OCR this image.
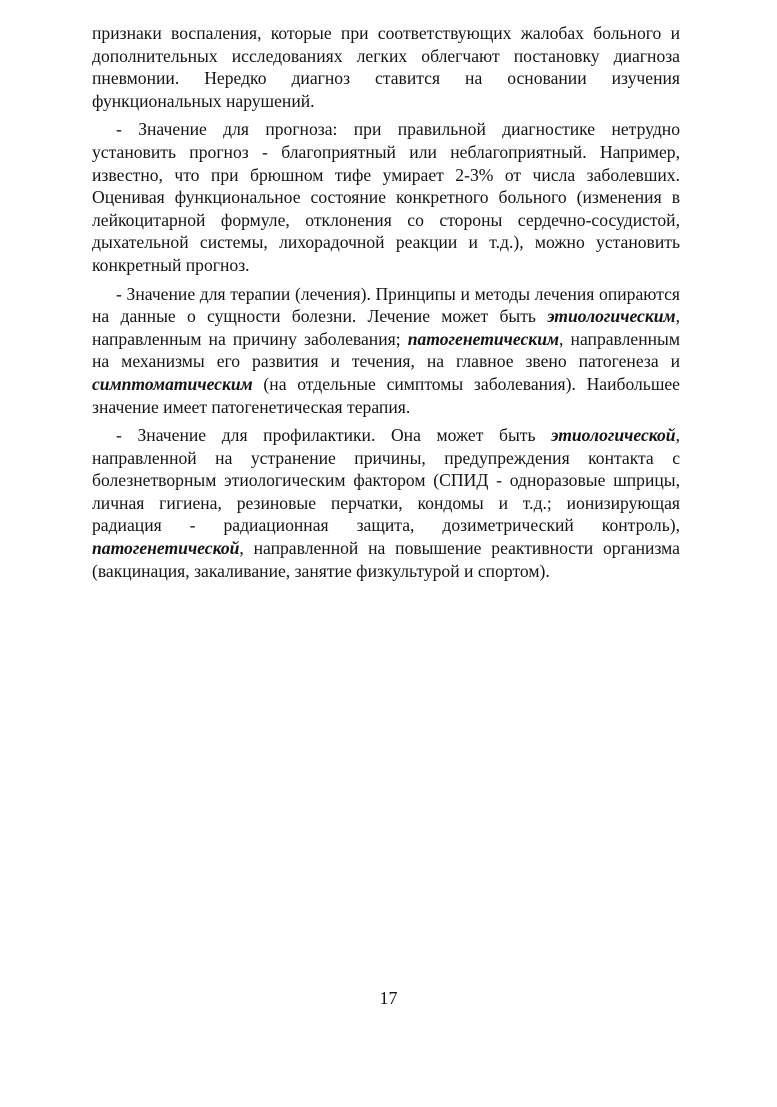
признаки воспаления, которые при соответствующих жалобах больного и дополнительных исследованиях легких облегчают постановку диагноза пневмонии. Нередко диагноз ставится на основании изучения функциональных нарушений.

- Значение для прогноза: при правильной диагностике нетрудно установить прогноз - благоприятный или неблагоприятный. Например, известно, что при брюшном тифе умирает 2-3% от числа заболевших. Оценивая функциональное состояние конкретного больного (изменения в лейкоцитарной формуле, отклонения со стороны сердечно-сосудистой, дыхательной системы, лихорадочной реакции и т.д.), можно установить конкретный прогноз.

- Значение для терапии (лечения). Принципы и методы лечения опираются на данные о сущности болезни. Лечение может быть этиологическим, направленным на причину заболевания; патогенетическим, направленным на механизмы его развития и течения, на главное звено патогенеза и симптоматическим (на отдельные симптомы заболевания). Наибольшее значение имеет патогенетическая терапия.

- Значение для профилактики. Она может быть этиологической, направленной на устранение причины, предупреждения контакта с болезнетворным этиологическим фактором (СПИД - одноразовые шприцы, личная гигиена, резиновые перчатки, кондомы и т.д.; ионизирующая радиация - радиационная защита, дозиметрический контроль), патогенетической, направленной на повышение реактивности организма (вакцинация, закаливание, занятие физкультурой и спортом).

17
